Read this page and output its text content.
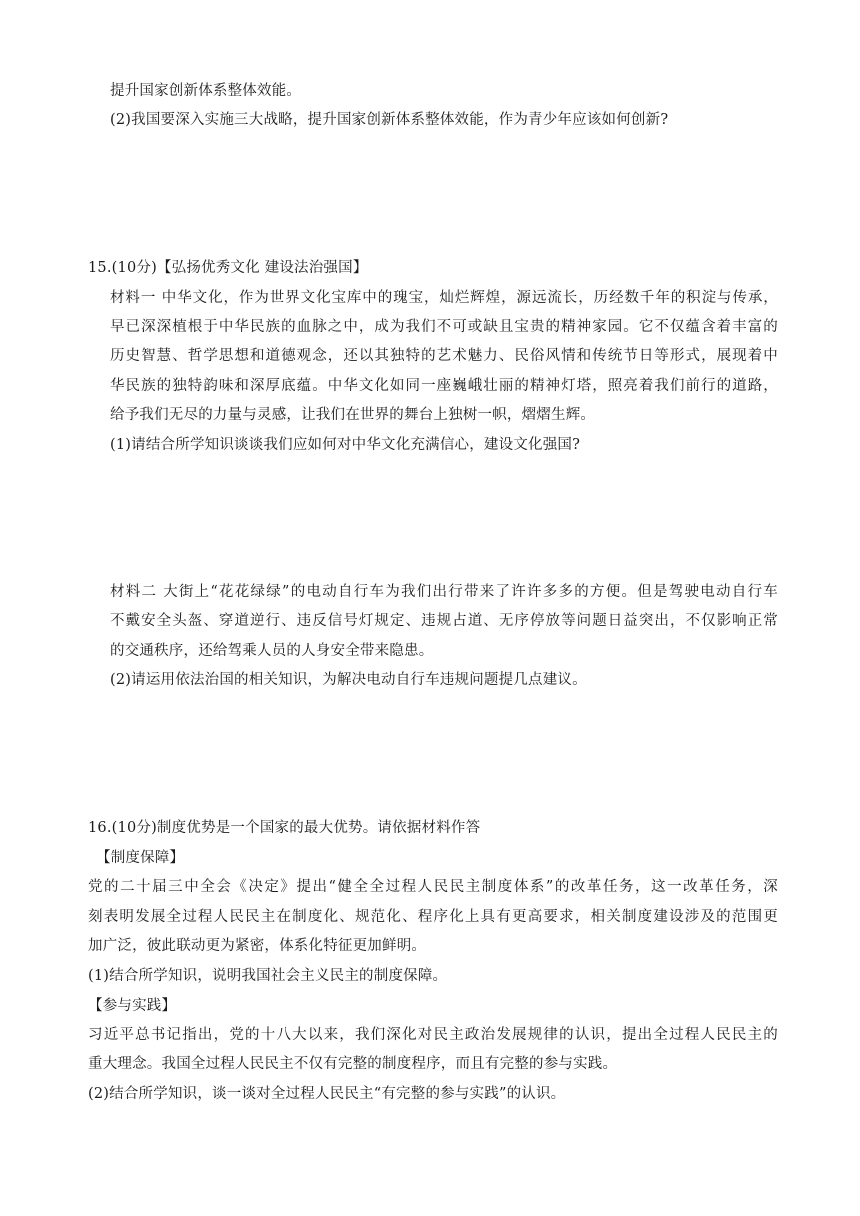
提升国家创新体系整体效能。
(2)我国要深入实施三大战略，提升国家创新体系整体效能，作为青少年应该如何创新?
15.(10分)【弘扬优秀文化 建设法治强国】
材料一 中华文化，作为世界文化宝库中的瑰宝，灿烂辉煌，源远流长，历经数千年的积淀与传承，
早已深深植根于中华民族的血脉之中，成为我们不可或缺且宝贵的精神家园。它不仅蕴含着丰富的
历史智慧、哲学思想和道德观念，还以其独特的艺术魅力、民俗风情和传统节日等形式，展现着中
华民族的独特韵味和深厚底蕴。中华文化如同一座巍峨壮丽的精神灯塔，照亮着我们前行的道路，
给予我们无尽的力量与灵感，让我们在世界的舞台上独树一帜，熠熠生辉。
(1)请结合所学知识谈谈我们应如何对中华文化充满信心，建设文化强国?
材料二 大街上“花花绿绿”的电动自行车为我们出行带来了许许多多的方便。但是驾驶电动自行车
不戴安全头盔、穿道逆行、违反信号灯规定、违规占道、无序停放等问题日益突出，不仅影响正常
的交通秩序，还给驾乘人员的人身安全带来隐患。
(2)请运用依法治国的相关知识，为解决电动自行车违规问题提几点建议。
16.(10分)制度优势是一个国家的最大优势。请依据材料作答
【制度保障】
党的二十届三中全会《决定》提出“健全全过程人民民主制度体系”的改革任务，这一改革任务，深
刻表明发展全过程人民民主在制度化、规范化、程序化上具有更高要求，相关制度建设涉及的范围更
加广泛，彼此联动更为紧密，体系化特征更加鲜明。
(1)结合所学知识，说明我国社会主义民主的制度保障。
【参与实践】
习近平总书记指出，党的十八大以来，我们深化对民主政治发展规律的认识，提出全过程人民民主的
重大理念。我国全过程人民民主不仅有完整的制度程序，而且有完整的参与实践。
(2)结合所学知识，谈一谈对全过程人民民主“有完整的参与实践”的认识。
